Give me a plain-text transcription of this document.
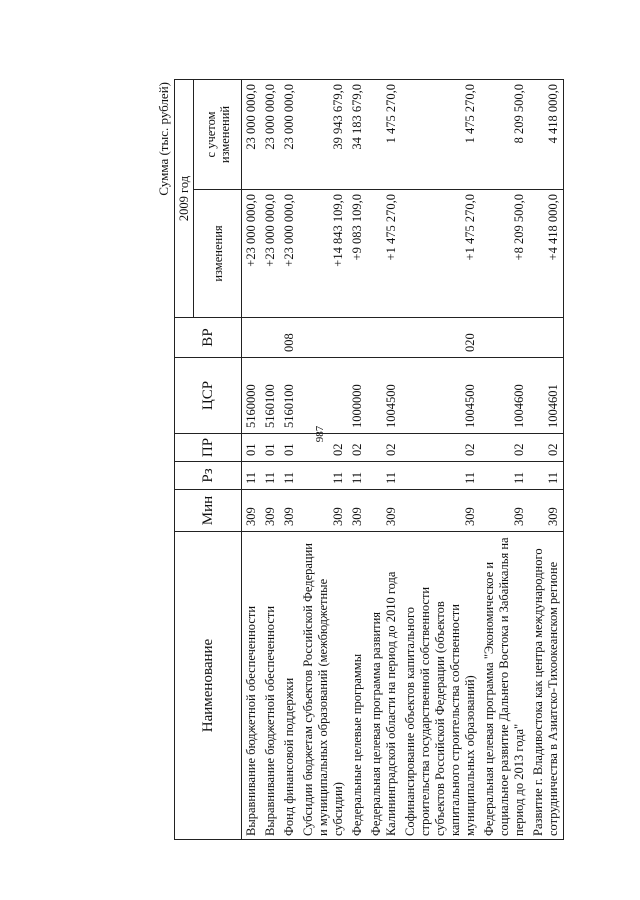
987
Сумма (тыс. рублей)
Наименование	Мин	Рз	ПР	ЦСР	ВР	2009 год	
						изменения	с учетом изменений
Выравнивание бюджетной обеспеченности	309	11	01	5160000		+23 000 000,0	23 000 000,0
Выравнивание бюджетной обеспеченности	309	11	01	5160100		+23 000 000,0	23 000 000,0
Фонд финансовой поддержки	309	11	01	5160100	008	+23 000 000,0	23 000 000,0
Субсидии бюджетам субъектов Российской Федерации и муниципальных образований (межбюджетные субсидии)	309	11	02			+14 843 109,0	39 943 679,0
Федеральные целевые программы	309	11	02	1000000		+9 083 109,0	34 183 679,0
Федеральная целевая программа развития Калининградской области на период до 2010 года	309	11	02	1004500		+1 475 270,0	1 475 270,0
Софинансирование объектов капитального строительства государственной собственности субъектов Российской Федерации (объектов капитального строительства собственности муниципальных образований)	309	11	02	1004500	020	+1 475 270,0	1 475 270,0
Федеральная целевая программа "Экономическое и социальное развитие Дальнего Востока и Забайкалья на период до 2013 года"	309	11	02	1004600		+8 209 500,0	8 209 500,0
Развитие г. Владивостока как центра международного сотрудничества в Азиатско-Тихоокеанском регионе	309	11	02	1004601		+4 418 000,0	4 418 000,0
